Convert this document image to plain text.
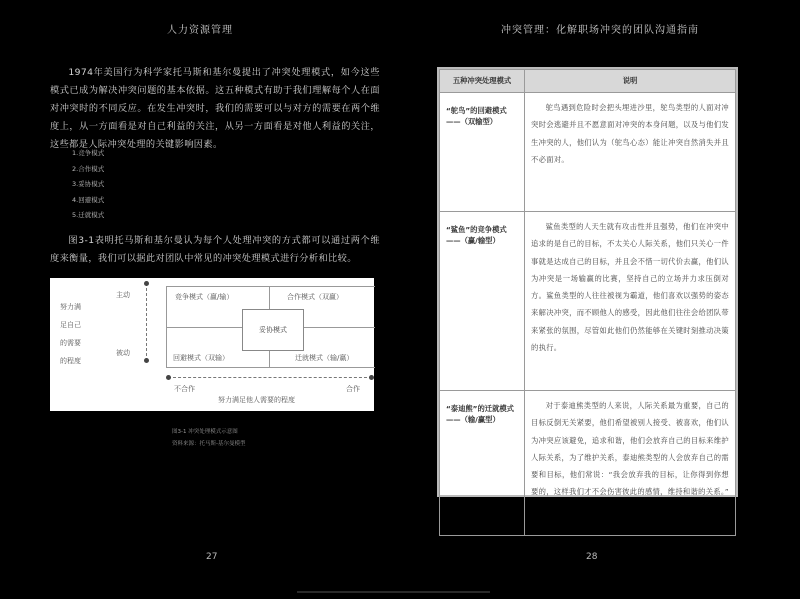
人力资源管理
1974年美国行为科学家托马斯和基尔曼提出了冲突处理模式，如今这些模式已成为解决冲突问题的基本依据。这五种模式有助于我们理解每个人在面对冲突时的不同反应。在发生冲突时，我们的需要可以与对方的需要在两个维度上，从一方面看是对自己利益的关注，从另一方面看是对他人利益的关注，这些都是人际冲突处理的关键影响因素。
1.竞争模式
2.合作模式
3.妥协模式
4.回避模式
5.迁就模式
图3-1表明托马斯和基尔曼认为每个人处理冲突的方式都可以通过两个维度来衡量，我们可以据此对团队中常见的冲突处理模式进行分析和比较。
努力满
足自己
的需要
的程度
主动
被动
竞争模式（赢/输）	合作模式（双赢）
回避模式（双输）	迁就模式（输/赢）
妥协模式
不合作	合作
努力满足他人需要的程度
图3-1 冲突处理模式示意图
资料来源：托马斯-基尔曼模型
27
冲突管理：化解职场冲突的团队沟通指南
28
五种冲突处理模式	说明
“鸵鸟”的回避模式——（双输型）	鸵鸟遇到危险时会把头埋进沙里，鸵鸟类型的人面对冲突时会逃避并且不愿意面对冲突的本身问题，以及与他们发生冲突的人，他们认为（鸵鸟心态）能让冲突自然消失并且不必面对。

“鲨鱼”的竞争模式——（赢/输型）	鲨鱼类型的人天生就有攻击性并且强势，他们在冲突中追求的是自己的目标，不太关心人际关系，他们只关心一件事就是达成自己的目标，并且会不惜一切代价去赢，他们认为冲突是一场输赢的比赛，坚持自己的立场并力求压倒对方。鲨鱼类型的人往往被视为霸道，他们喜欢以强势的姿态来解决冲突，而不顾他人的感受，因此他们往往会给团队带来紧张的氛围，尽管如此他们仍然能够在关键时刻推动决策的执行。

“泰迪熊”的迁就模式——（输/赢型）	对于泰迪熊类型的人来说，人际关系最为重要，自己的目标反倒无关紧要，他们希望被别人接受、被喜欢，他们认为冲突应该避免，追求和谐，他们会放弃自己的目标来维护人际关系，为了维护关系，泰迪熊类型的人会放弃自己的需要和目标，他们常说：“我会放弃我的目标，让你得到你想要的，这样我们才不会伤害彼此的感情，维持和谐的关系。”
